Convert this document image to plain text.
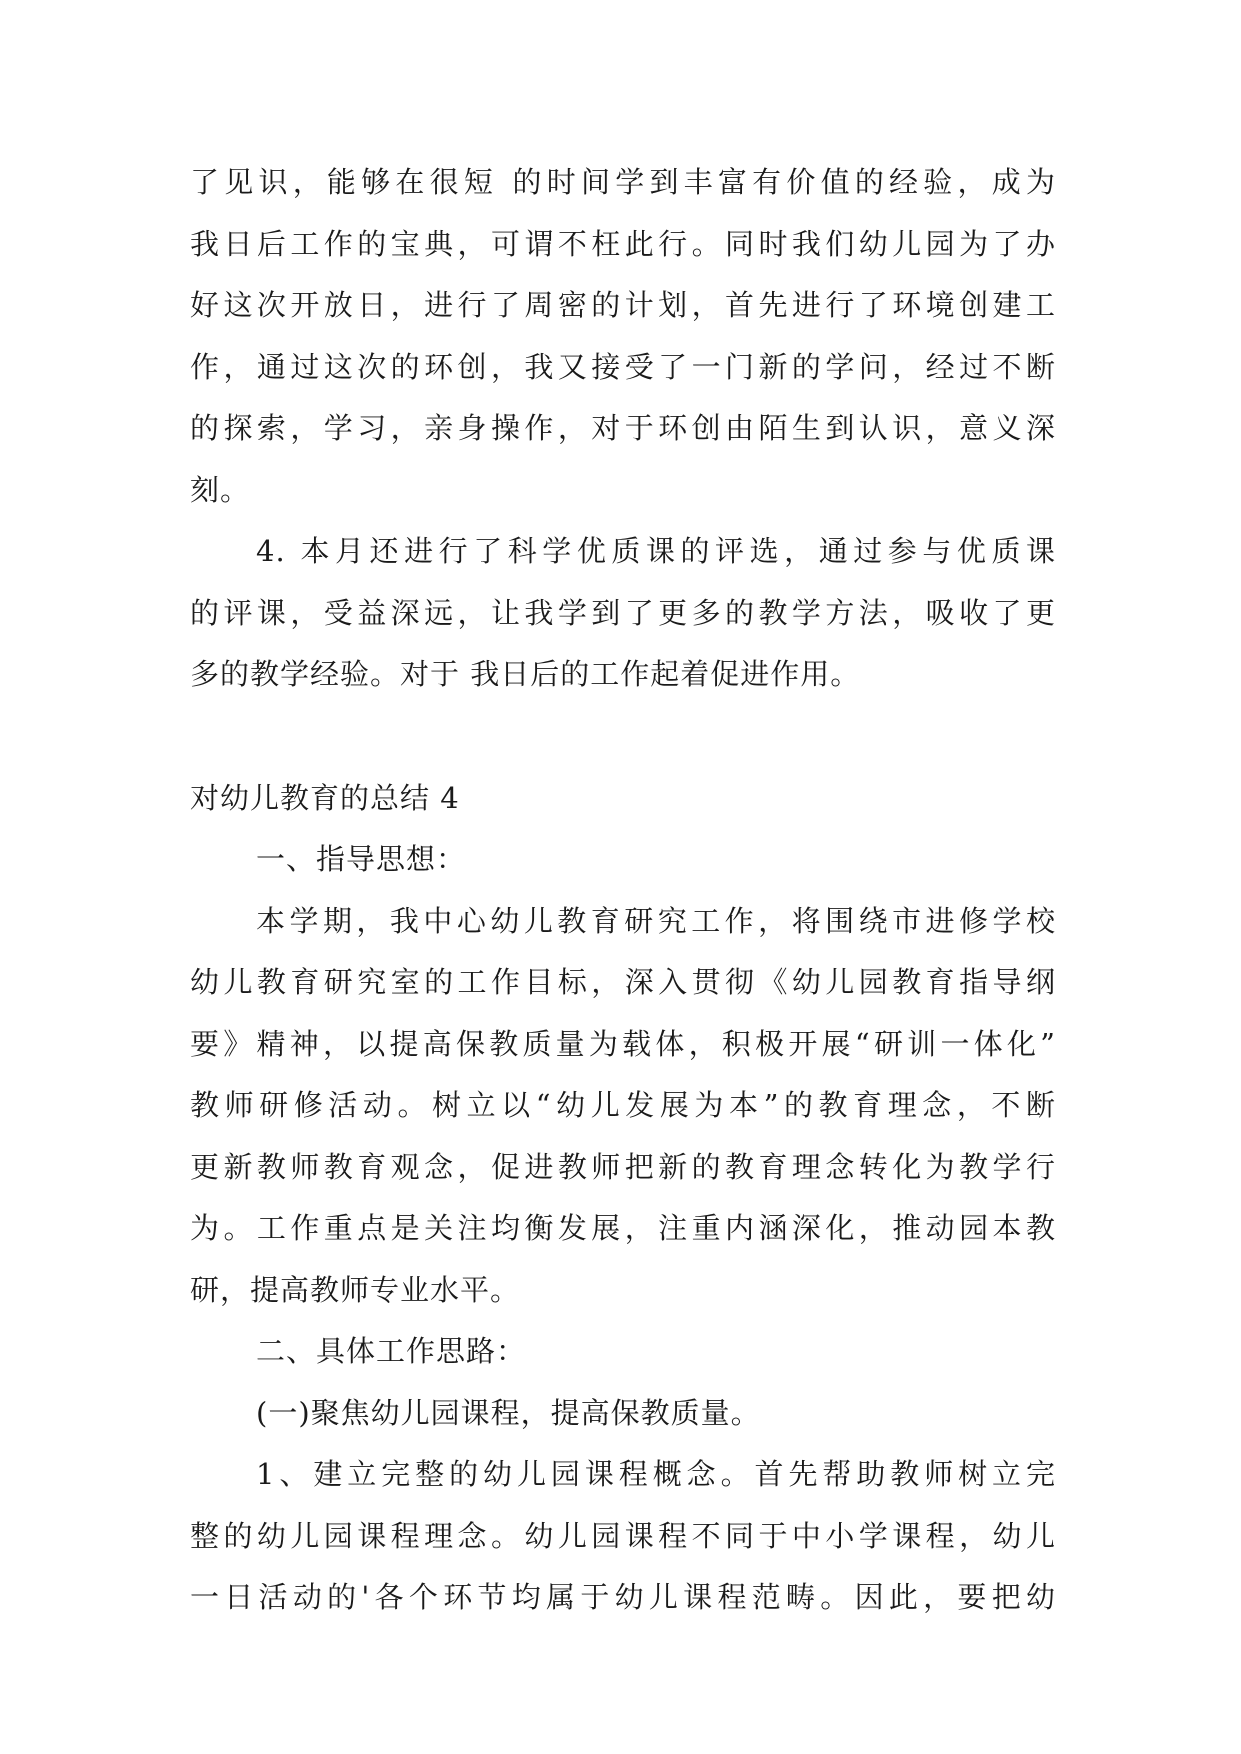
了见识，能够在很短 的时间学到丰富有价值的经验，成为
我日后工作的宝典，可谓不枉此行。同时我们幼儿园为了办
好这次开放日，进行了周密的计划，首先进行了环境创建工
作，通过这次的环创，我又接受了一门新的学问，经过不断
的探索，学习，亲身操作，对于环创由陌生到认识，意义深
刻。
4. 本月还进行了科学优质课的评选，通过参与优质课
的评课，受益深远，让我学到了更多的教学方法，吸收了更
多的教学经验。对于 我日后的工作起着促进作用。
对幼儿教育的总结 4
一、指导思想：
本学期，我中心幼儿教育研究工作，将围绕市进修学校
幼儿教育研究室的工作目标，深入贯彻《幼儿园教育指导纲
要》精神，以提高保教质量为载体，积极开展“研训一体化”
教师研修活动。树立以“幼儿发展为本”的教育理念，不断
更新教师教育观念，促进教师把新的教育理念转化为教学行
为。工作重点是关注均衡发展，注重内涵深化，推动园本教
研，提高教师专业水平。
二、具体工作思路：
(一)聚焦幼儿园课程，提高保教质量。
1、建立完整的幼儿园课程概念。首先帮助教师树立完
整的幼儿园课程理念。幼儿园课程不同于中小学课程，幼儿
一日活动的'各个环节均属于幼儿课程范畴。因此，要把幼
